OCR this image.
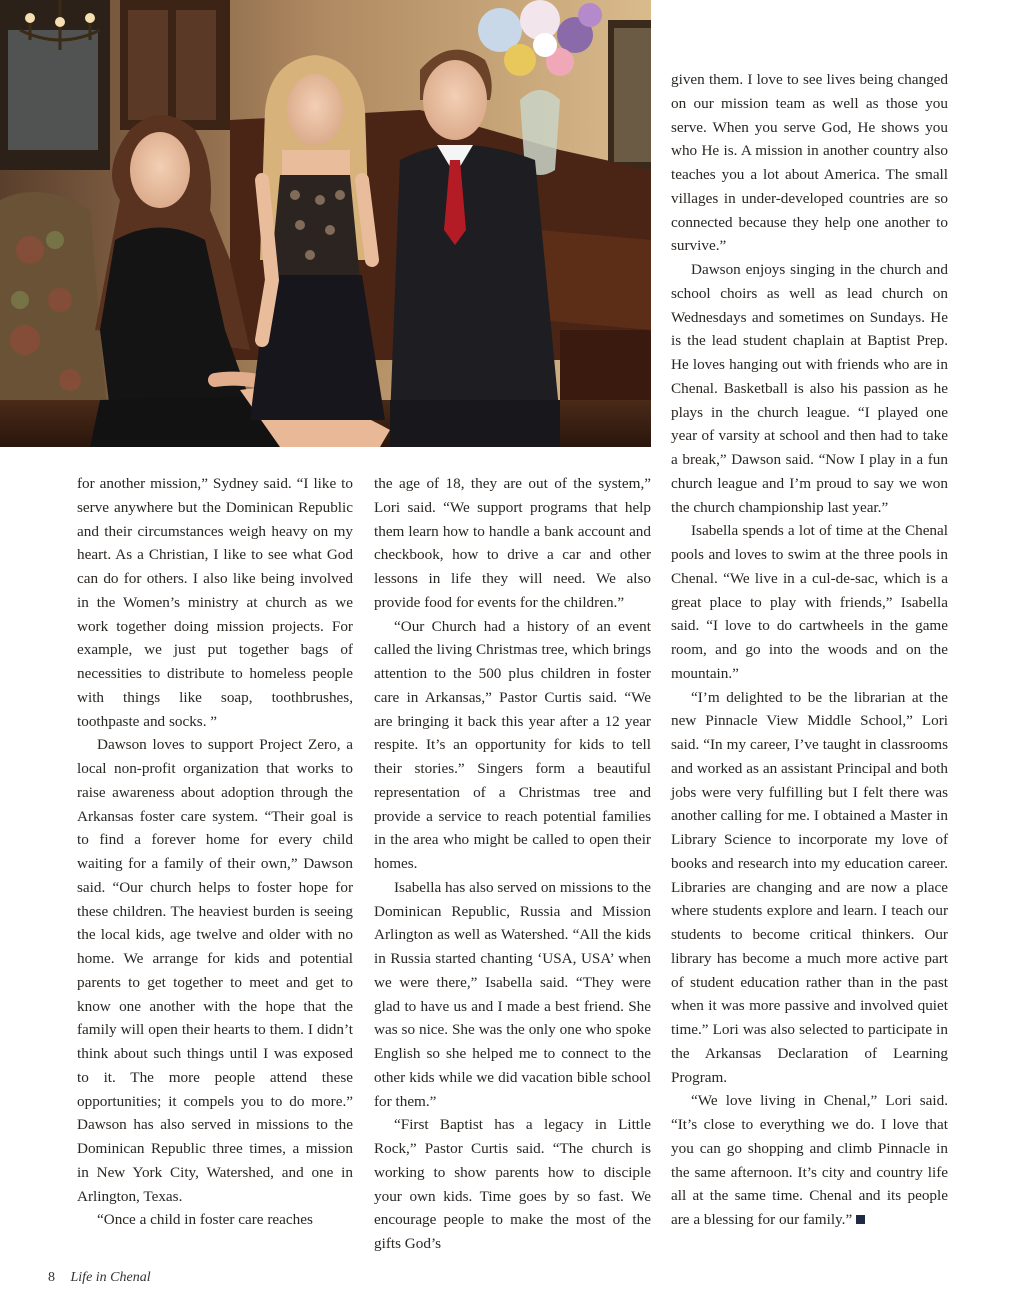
for another mission,” Sydney said. “I like to serve anywhere but the Dominican Republic and their circumstances weigh heavy on my heart. As a Christian, I like to see what God can do for others. I also like being involved in the Women’s ministry at church as we work together doing mission projects. For example, we just put together bags of necessities to distribute to homeless people with things like soap, toothbrushes, toothpaste and socks. ”

Dawson loves to support Project Zero, a local non-profit organization that works to raise awareness about adoption through the Arkansas foster care system. “Their goal is to find a forever home for every child waiting for a family of their own,” Dawson said. “Our church helps to foster hope for these children. The heaviest burden is seeing the local kids, age twelve and older with no home. We arrange for kids and potential parents to get together to meet and get to know one another with the hope that the family will open their hearts to them. I didn’t think about such things until I was exposed to it. The more people attend these opportunities; it compels you to do more.” Dawson has also served in missions to the Dominican Republic three times, a mission in New York City, Watershed, and one in Arlington, Texas.

“Once a child in foster care reaches

the age of 18, they are out of the system,” Lori said. “We support programs that help them learn how to handle a bank account and checkbook, how to drive a car and other lessons in life they will need. We also provide food for events for the children.”

“Our Church had a history of an event called the living Christmas tree, which brings attention to the 500 plus children in foster care in Arkansas,” Pastor Curtis said. “We are bringing it back this year after a 12 year respite. It’s an opportunity for kids to tell their stories.” Singers form a beautiful representation of a Christmas tree and provide a service to reach potential families in the area who might be called to open their homes.

Isabella has also served on missions to the Dominican Republic, Russia and Mission Arlington as well as Watershed. “All the kids in Russia started chanting ‘USA, USA’ when we were there,” Isabella said. “They were glad to have us and I made a best friend. She was so nice. She was the only one who spoke English so she helped me to connect to the other kids while we did vacation bible school for them.”

“First Baptist has a legacy in Little Rock,” Pastor Curtis said. “The church is working to show parents how to disciple your own kids. Time goes by so fast. We encourage people to make the most of the gifts God’s

given them. I love to see lives being changed on our mission team as well as those you serve. When you serve God, He shows you who He is. A mission in another country also teaches you a lot about America. The small villages in under-developed countries are so connected because they help one another to survive.”

Dawson enjoys singing in the church and school choirs as well as lead church on Wednesdays and sometimes on Sundays. He is the lead student chaplain at Baptist Prep. He loves hanging out with friends who are in Chenal. Basketball is also his passion as he plays in the church league. “I played one year of varsity at school and then had to take a break,” Dawson said. “Now I play in a fun church league and I’m proud to say we won the church championship last year.”

Isabella spends a lot of time at the Chenal pools and loves to swim at the three pools in Chenal. “We live in a cul-de-sac, which is a great place to play with friends,” Isabella said. “I love to do cartwheels in the game room, and go into the woods and on the mountain.”

“I’m delighted to be the librarian at the new Pinnacle View Middle School,” Lori said. “In my career, I’ve taught in classrooms and worked as an assistant Principal and both jobs were very fulfilling but I felt there was another calling for me. I obtained a Master in Library Science to incorporate my love of books and research into my education career. Libraries are changing and are now a place where students explore and learn. I teach our students to become critical thinkers. Our library has become a much more active part of student education rather than in the past when it was more passive and involved quiet time.” Lori was also selected to participate in the Arkansas Declaration of Learning Program.

“We love living in Chenal,” Lori said. “It’s close to everything we do. I love that you can go shopping and climb Pinnacle in the same afternoon. It’s city and country life all at the same time. Chenal and its people are a blessing for our family.”

8 Life in Chenal
